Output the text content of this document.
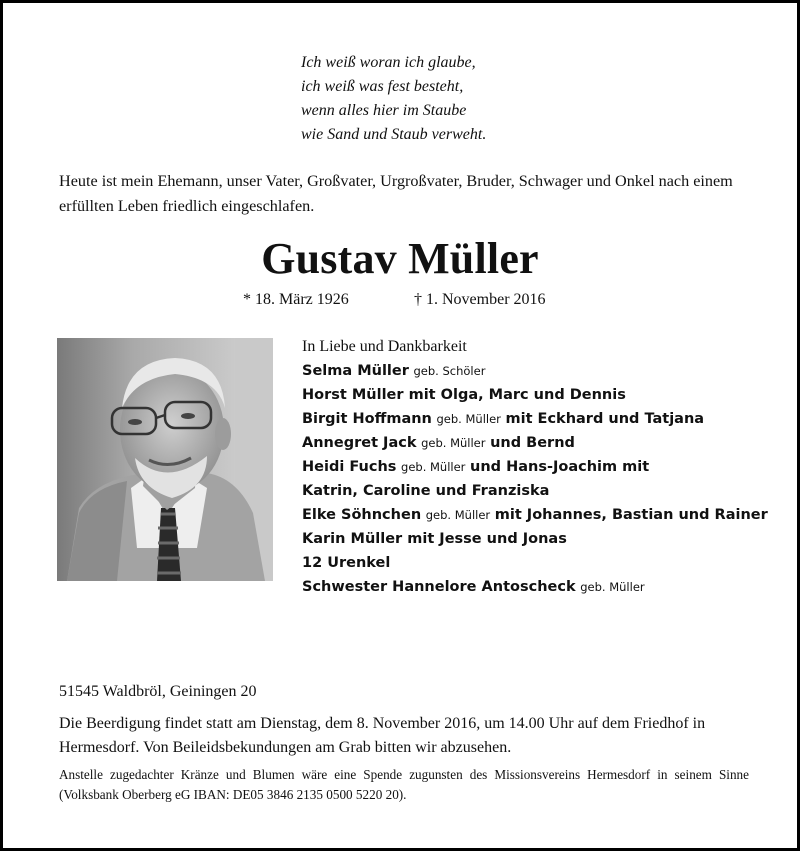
Ich weiß woran ich glaube,
ich weiß was fest besteht,
wenn alles hier im Staube
wie Sand und Staub verweht.
Heute ist mein Ehemann, unser Vater, Großvater, Urgroßvater, Bruder, Schwager und Onkel nach einem erfüllten Leben friedlich eingeschlafen.
Gustav Müller
* 18. März 1926	† 1. November 2016
In Liebe und Dankbarkeit
Selma Müller geb. Schöler
Horst Müller mit Olga, Marc und Dennis
Birgit Hoffmann geb. Müller mit Eckhard und Tatjana
Annegret Jack geb. Müller und Bernd
Heidi Fuchs geb. Müller und Hans-Joachim mit
Katrin, Caroline und Franziska
Elke Söhnchen geb. Müller mit Johannes, Bastian und Rainer
Karin Müller mit Jesse und Jonas
12 Urenkel
Schwester Hannelore Antoscheck geb. Müller
51545 Waldbröl, Geiningen 20
Die Beerdigung findet statt am Dienstag, dem 8. November 2016, um 14.00 Uhr auf dem Friedhof in Hermesdorf. Von Beileidsbekundungen am Grab bitten wir abzusehen.
Anstelle zugedachter Kränze und Blumen wäre eine Spende zugunsten des Missionsvereins Hermesdorf in seinem Sinne (Volksbank Oberberg eG IBAN: DE05 3846 2135 0500 5220 20).
